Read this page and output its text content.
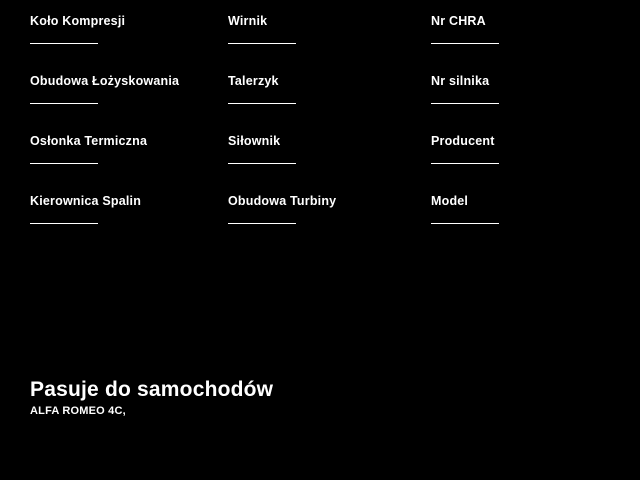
Koło Kompresji	Wirnik	Nr CHRA
Obudowa Łożyskowania	Talerzyk	Nr silnika
Osłonka Termiczna	Siłownik	Producent
Kierownica Spalin	Obudowa Turbiny	Model
Pasuje do samochodów
ALFA ROMEO 4C,
